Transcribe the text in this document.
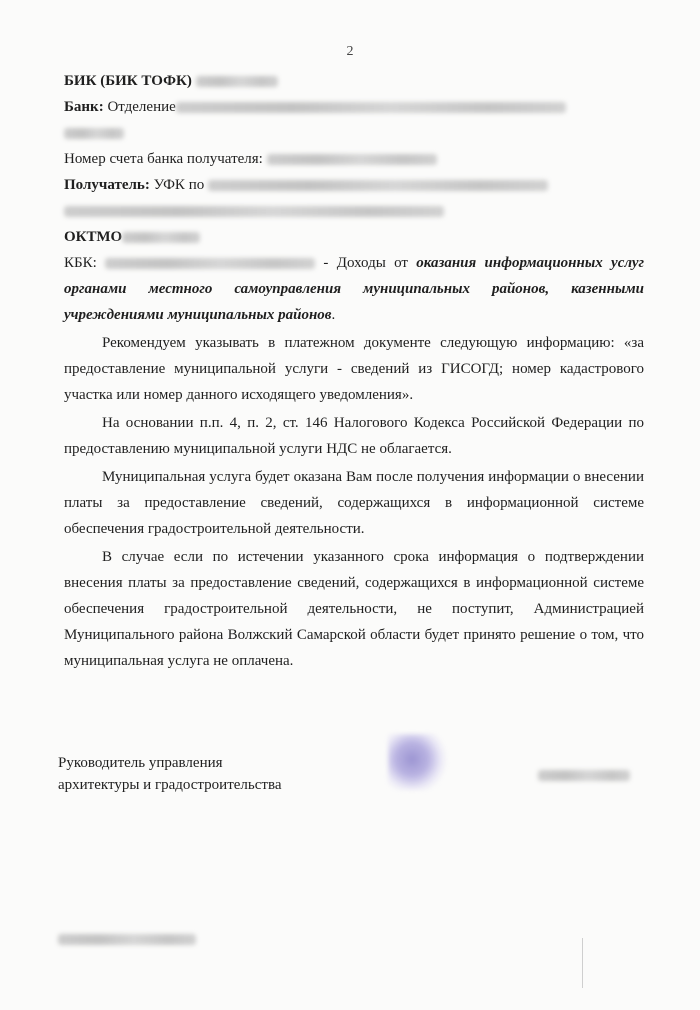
2
БИК (БИК ТОФК)
Банк: Отделение
Номер счета банка получателя:
Получатель: УФК по
ОКТМО

КБК:	- Доходы от оказания информационных услуг органами местного самоуправления муниципальных районов, казенными учреждениями муниципальных районов.

Рекомендуем указывать в платежном документе следующую информацию: «за предоставление муниципальной услуги - сведений из ГИСОГД; номер кадастрового участка или номер данного исходящего уведомления».

На основании п.п. 4, п. 2, ст. 146 Налогового Кодекса Российской Федерации по предоставлению муниципальной услуги НДС не облагается.

Муниципальная услуга будет оказана Вам после получения информации о внесении платы за предоставление сведений, содержащихся в информационной системе обеспечения градостроительной деятельности.

В случае если по истечении указанного срока информация о подтверждении внесения платы за предоставление сведений, содержащихся в информационной системе обеспечения градостроительной деятельности, не поступит, Администрацией Муниципального района Волжский Самарской области будет принято решение о том, что муниципальная услуга не оплачена.

Руководитель управления
архитектуры и градостроительства
